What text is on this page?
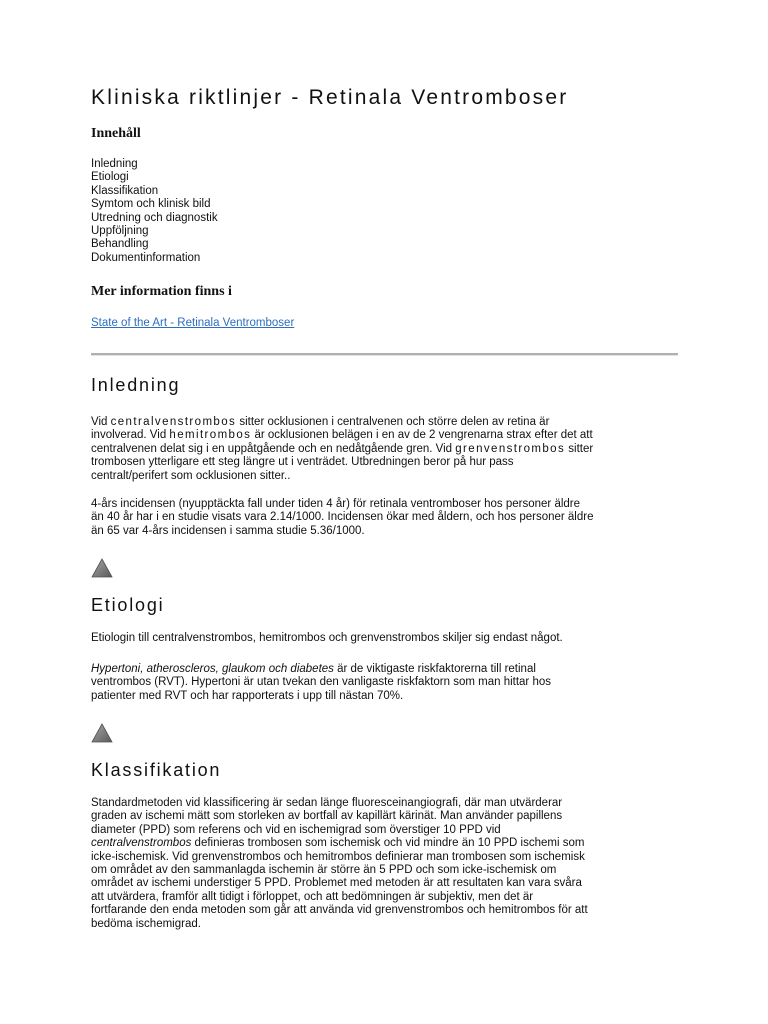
Kliniska riktlinjer - Retinala Ventromboser
Innehåll
Inledning
Etiologi
Klassifikation
Symtom och klinisk bild
Utredning och diagnostik
Uppföljning
Behandling
Dokumentinformation
Mer information finns i
State of the Art - Retinala Ventromboser
Inledning

Vid centralvenstrombos sitter ocklusionen i centralvenen och större delen av retina är
involverad. Vid hemitrombos är ocklusionen belägen i en av de 2 vengrenarna strax efter det att
centralvenen delat sig i en uppåtgående och en nedåtgående gren. Vid grenvenstrombos sitter
trombosen ytterligare ett steg längre ut i venträdet. Utbredningen beror på hur pass
centralt/perifert som ocklusionen sitter..

4-års incidensen (nyupptäckta fall under tiden 4 år) för retinala ventromboser hos personer äldre
än 40 år har i en studie visats vara 2.14/1000. Incidensen ökar med åldern, och hos personer äldre
än 65 var 4-års incidensen i samma studie 5.36/1000.

Etiologi

Etiologin till centralvenstrombos, hemitrombos och grenvenstrombos skiljer sig endast något.

Hypertoni, atheroscleros, glaukom och diabetes är de viktigaste riskfaktorerna till retinal
ventrombos (RVT). Hypertoni är utan tvekan den vanligaste riskfaktorn som man hittar hos
patienter med RVT och har rapporterats i upp till nästan 70%.

Klassifikation

Standardmetoden vid klassificering är sedan länge fluoresceinangiografi, där man utvärderar
graden av ischemi mätt som storleken av bortfall av kapillärt kärinät. Man använder papillens
diameter (PPD) som referens och vid en ischemigrad som överstiger 10 PPD vid
centralvenstrombos definieras trombosen som ischemisk och vid mindre än 10 PPD ischemi som
icke-ischemisk. Vid grenvenstrombos och hemitrombos definierar man trombosen som ischemisk
om området av den sammanlagda ischemin är större än 5 PPD och som icke-ischemisk om
området av ischemi understiger 5 PPD. Problemet med metoden är att resultaten kan vara svåra
att utvärdera, framför allt tidigt i förloppet, och att bedömningen är subjektiv, men det är
fortfarande den enda metoden som går att använda vid grenvenstrombos och hemitrombos för att
bedöma ischemigrad.
